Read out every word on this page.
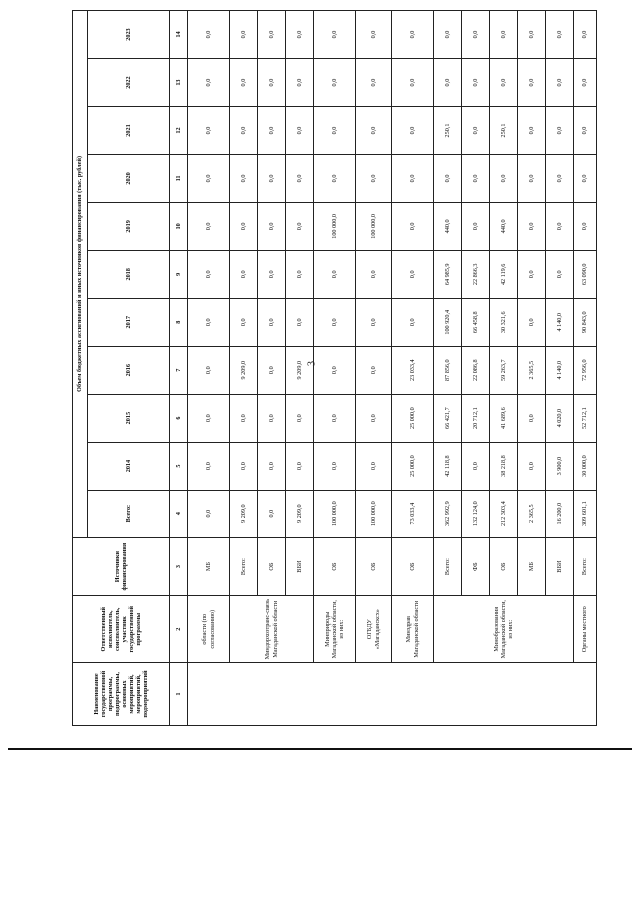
3
Наименование государственной программы, подпрограммы, основных мероприятий, мероприятий, подмероприятий	Ответственный исполнитель, соисполнитель, участник государственной программы	Источники финансирования	Объем бюджетных ассигнований и иных источников финансирования (тыс. рублей)										
			Всего:	2014	2015	2016	2017	2018	2019	2020	2021	2022	2023
1	2	3	4	5	6	7	8	9	10	11	12	13	14
	области (по согласованию)	МБ	0,0	0,0	0,0	0,0	0,0	0,0	0,0	0,0	0,0	0,0	0,0
	Миндорхозтранс-связь Магаданской области	Всего:	9 209,0	0,0	0,0	9 209,0	0,0	0,0	0,0	0,0	0,0	0,0	0,0
		ОБ	0,0	0,0	0,0	0,0	0,0	0,0	0,0	0,0	0,0	0,0	0,0
		ВБИ	9 209,0	0,0	0,0	9 209,0	0,0	0,0	0,0	0,0	0,0	0,0	0,0
	Минприроды Магаданской области, из них:	ОБ	100 000,0	0,0	0,0	0,0	0,0	0,0	100 000,0	0,0	0,0	0,0	0,0
	ОГБДУ «Магадансксх»	ОБ	100 000,0	0,0	0,0	0,0	0,0	0,0	100 000,0	0,0	0,0	0,0	0,0
	Минздрав Магаданской области	ОБ	73 033,4	25 000,0	25 000,0	23 033,4	0,0	0,0	0,0	0,0	0,0	0,0	0,0
	Минобразования Магаданской области, из них:	Всего:	362 992,9	42 118,8	66 421,7	87 856,0	100 920,4	64 985,9	440,0	0,0	250,1	0,0	0,0
		ФБ	132 124,0	0,0	20 712,1	22 086,8	66 458,8	22 866,3	0,0	0,0	0,0	0,0	0,0
		ОБ	212 303,4	38 218,8	41 689,6	59 263,7	30 321,6	42 119,6	440,0	0,0	250,1	0,0	0,0
		МБ	2 365,5	0,0	0,0	2 365,5	0,0	0,0	0,0	0,0	0,0	0,0	0,0
		ВБИ	16 200,0	3 900,0	4 020,0	4 140,0	4 140,0	0,0	0,0	0,0	0,0	0,0	0,0
	Органы местного	Всего:	309 601,1	30 000,0	52 712,1	72 956,0	90 843,0	63 090,0	0,0	0,0	0,0	0,0	0,0
